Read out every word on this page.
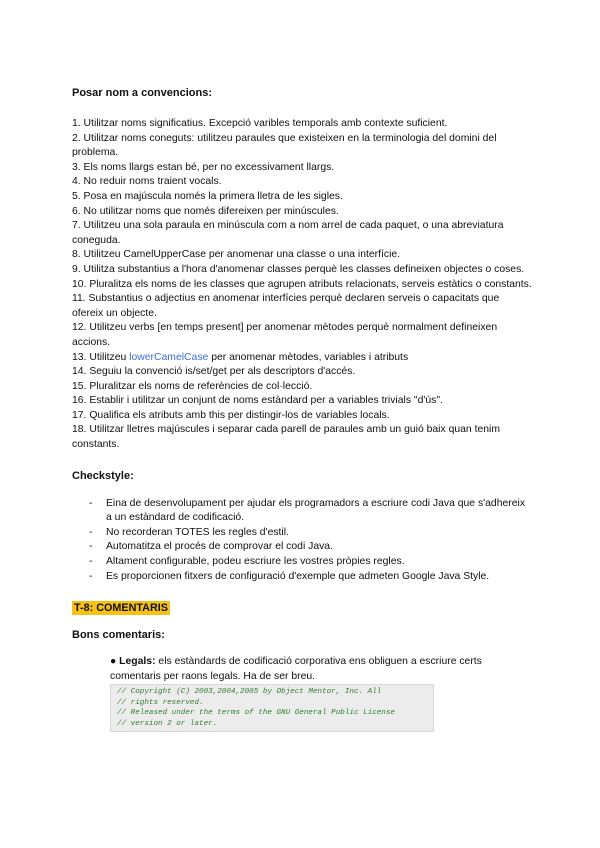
Posar nom a convencions:

1. Utilitzar noms significatius. Excepció varibles temporals amb contexte suficient.

2. Utilitzar noms coneguts: utilitzeu paraules que existeixen en la terminologia del domini del problema.

3. Els noms llargs estan bé, per no excessivament llargs.

4. No reduir noms traient vocals.

5. Posa en majúscula només la primera lletra de les sigles.

6. No utilitzar noms que només difereixen per minúscules.

7. Utilitzeu una sola paraula en minúscula com a nom arrel de cada paquet, o una abreviatura coneguda.

8. Utilitzeu CamelUpperCase per anomenar una classe o una interfície.

9. Utilitza substantius a l'hora d'anomenar classes perquè les classes defineixen objectes o coses.

10. Pluralitza els noms de les classes que agrupen atributs relacionats, serveis estàtics o constants.

11. Substantius o adjectius en anomenar interfícies perquè declaren serveis o capacitats que ofereix un objecte.

12. Utilitzeu verbs [en temps present] per anomenar mètodes perquè normalment defineixen accions.

13. Utilitzeu lowerCamelCase per anomenar mètodes, variables i atributs

14. Seguiu la convenció is/set/get per als descriptors d'accés.

15. Pluralitzar els noms de referències de col·lecció.

16. Establir i utilitzar un conjunt de noms estàndard per a variables trivials "d'ús".

17. Qualifica els atributs amb this per distingir-los de variables locals.

18. Utilitzar lletres majúscules i separar cada parell de paraules amb un guió baix quan tenim constants.

Checkstyle:

- Eina de desenvolupament per ajudar els programadors a escriure codi Java que s'adhereix a un estàndard de codificació.
- No recorderan TOTES les regles d'estil.
- Automatitza el procés de comprovar el codi Java.
- Altament configurable, podeu escriure les vostres pròpies regles.
- Es proporcionen fitxers de configuració d'exemple que admeten Google Java Style.
T-8: COMENTARIS

Bons comentaris:

● Legals: els estàndards de codificació corporativa ens obliguen a escriure certs comentaris per raons legals. Ha de ser breu.

// Copyright (C) 2003,2004,2005 by Object Mentor, Inc. All
// rights reserved.
// Released under the terms of the GNU General Public License
// version 2 or later.
